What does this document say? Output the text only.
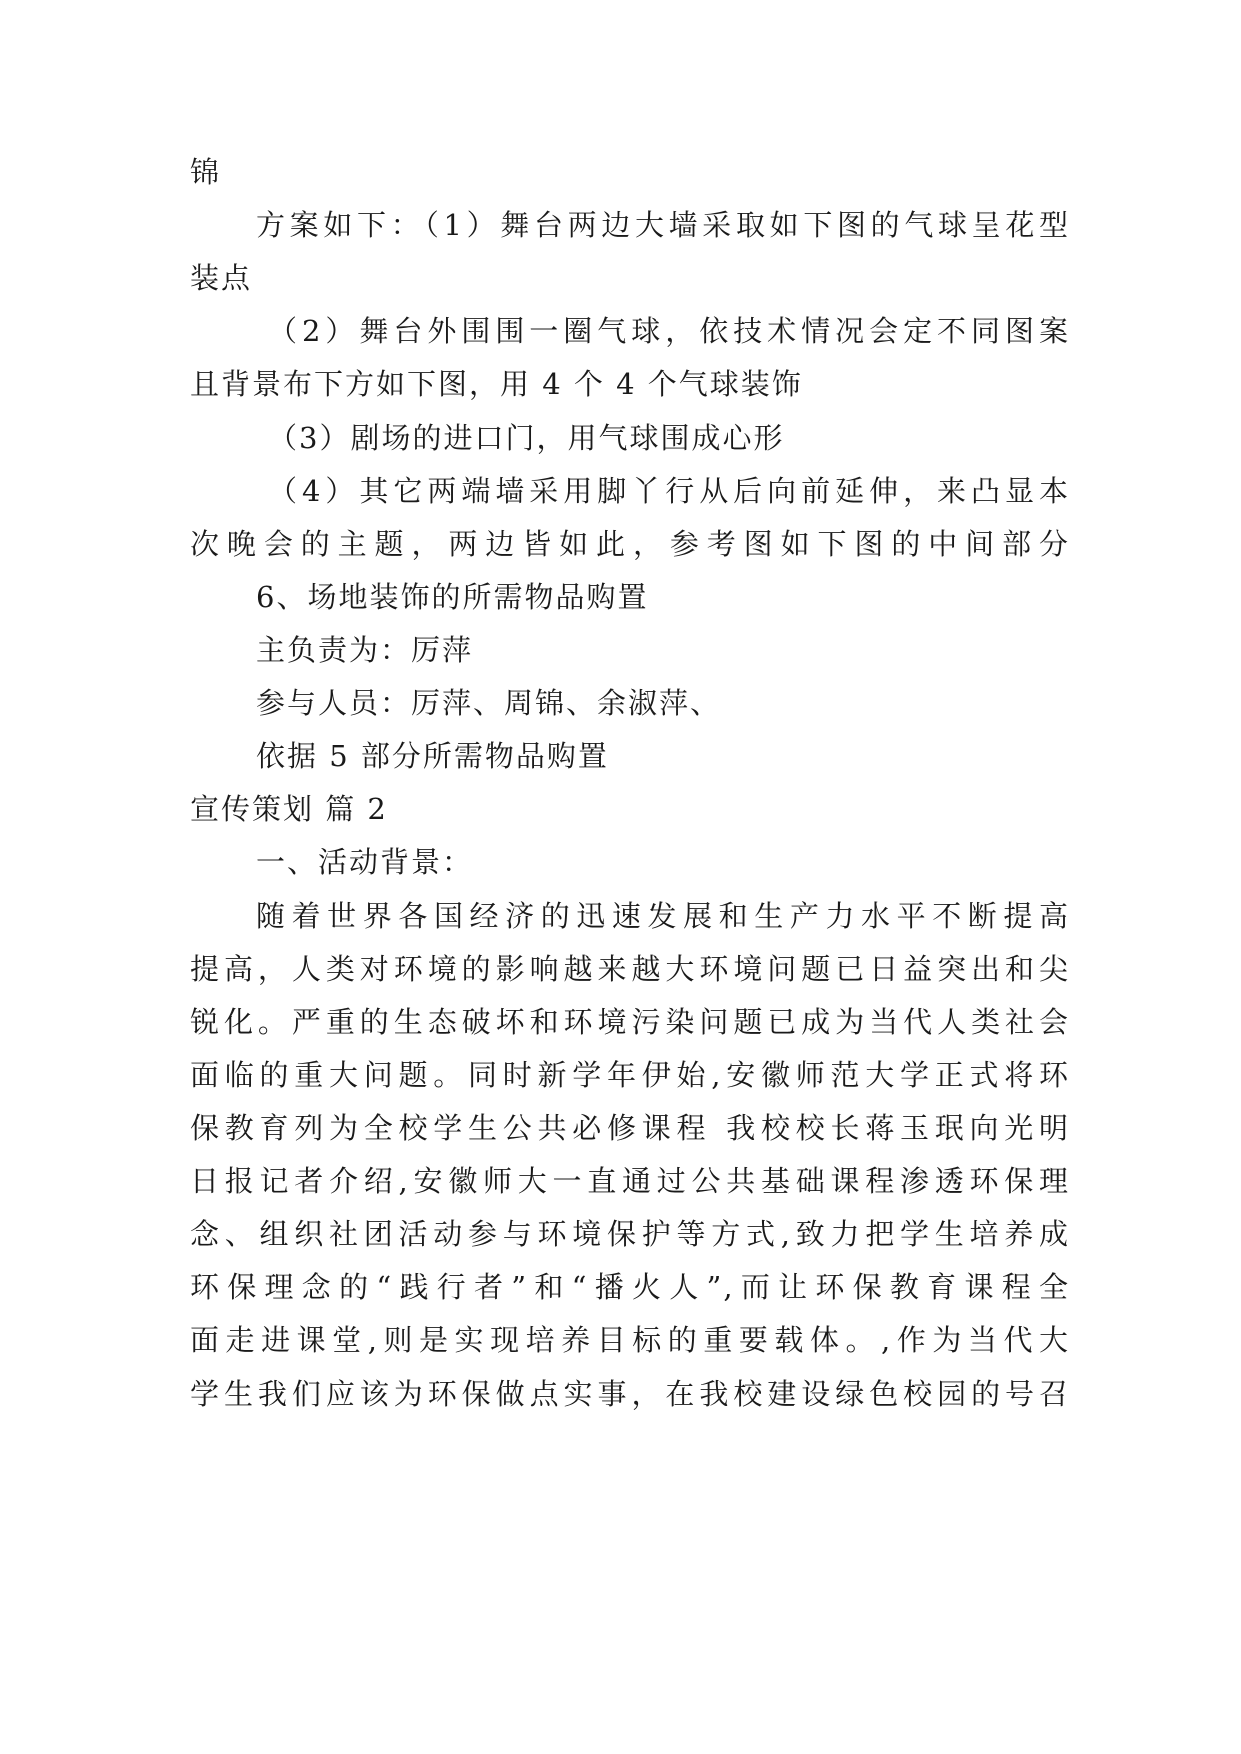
锦
方案如下：（1）舞台两边大墙采取如下图的气球呈花型
装点
（2）舞台外围围一圈气球，依技术情况会定不同图案
且背景布下方如下图，用 4 个 4 个气球装饰
（3）剧场的进口门，用气球围成心形
（4）其它两端墙采用脚丫行从后向前延伸，来凸显本
次晚会的主题，两边皆如此，参考图如下图的中间部分
6、场地装饰的所需物品购置
主负责为：厉萍
参与人员：厉萍、周锦、余淑萍、
依据 5 部分所需物品购置
宣传策划 篇 2
一、活动背景：
随着世界各国经济的迅速发展和生产力水平不断提高
提高，人类对环境的影响越来越大环境问题已日益突出和尖
锐化。严重的生态破坏和环境污染问题已成为当代人类社会
面临的重大问题。同时新学年伊始,安徽师范大学正式将环
保教育列为全校学生公共必修课程 我校校长蒋玉珉向光明
日报记者介绍,安徽师大一直通过公共基础课程渗透环保理
念、组织社团活动参与环境保护等方式,致力把学生培养成
环保理念的“践行者”和“播火人”,而让环保教育课程全
面走进课堂,则是实现培养目标的重要载体。,作为当代大
学生我们应该为环保做点实事，在我校建设绿色校园的号召
